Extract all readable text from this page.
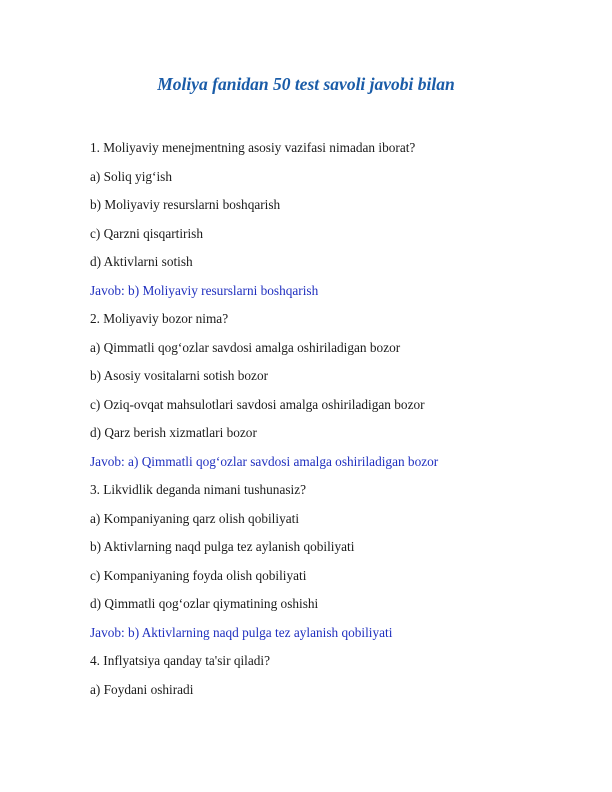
Moliya fanidan 50 test savoli javobi bilan

1. Moliyaviy menejmentning asosiy vazifasi nimadan iborat?

a) Soliq yig‘ish

b) Moliyaviy resurslarni boshqarish

c) Qarzni qisqartirish

d) Aktivlarni sotish

Javob: b) Moliyaviy resurslarni boshqarish

2. Moliyaviy bozor nima?

a) Qimmatli qog‘ozlar savdosi amalga oshiriladigan bozor

b) Asosiy vositalarni sotish bozor

c) Oziq-ovqat mahsulotlari savdosi amalga oshiriladigan bozor

d) Qarz berish xizmatlari bozor

Javob: a) Qimmatli qog‘ozlar savdosi amalga oshiriladigan bozor

3. Likvidlik deganda nimani tushunasiz?

a) Kompaniyaning qarz olish qobiliyati

b) Aktivlarning naqd pulga tez aylanish qobiliyati

c) Kompaniyaning foyda olish qobiliyati

d) Qimmatli qog‘ozlar qiymatining oshishi

Javob: b) Aktivlarning naqd pulga tez aylanish qobiliyati

4. Inflyatsiya qanday ta'sir qiladi?

a) Foydani oshiradi
